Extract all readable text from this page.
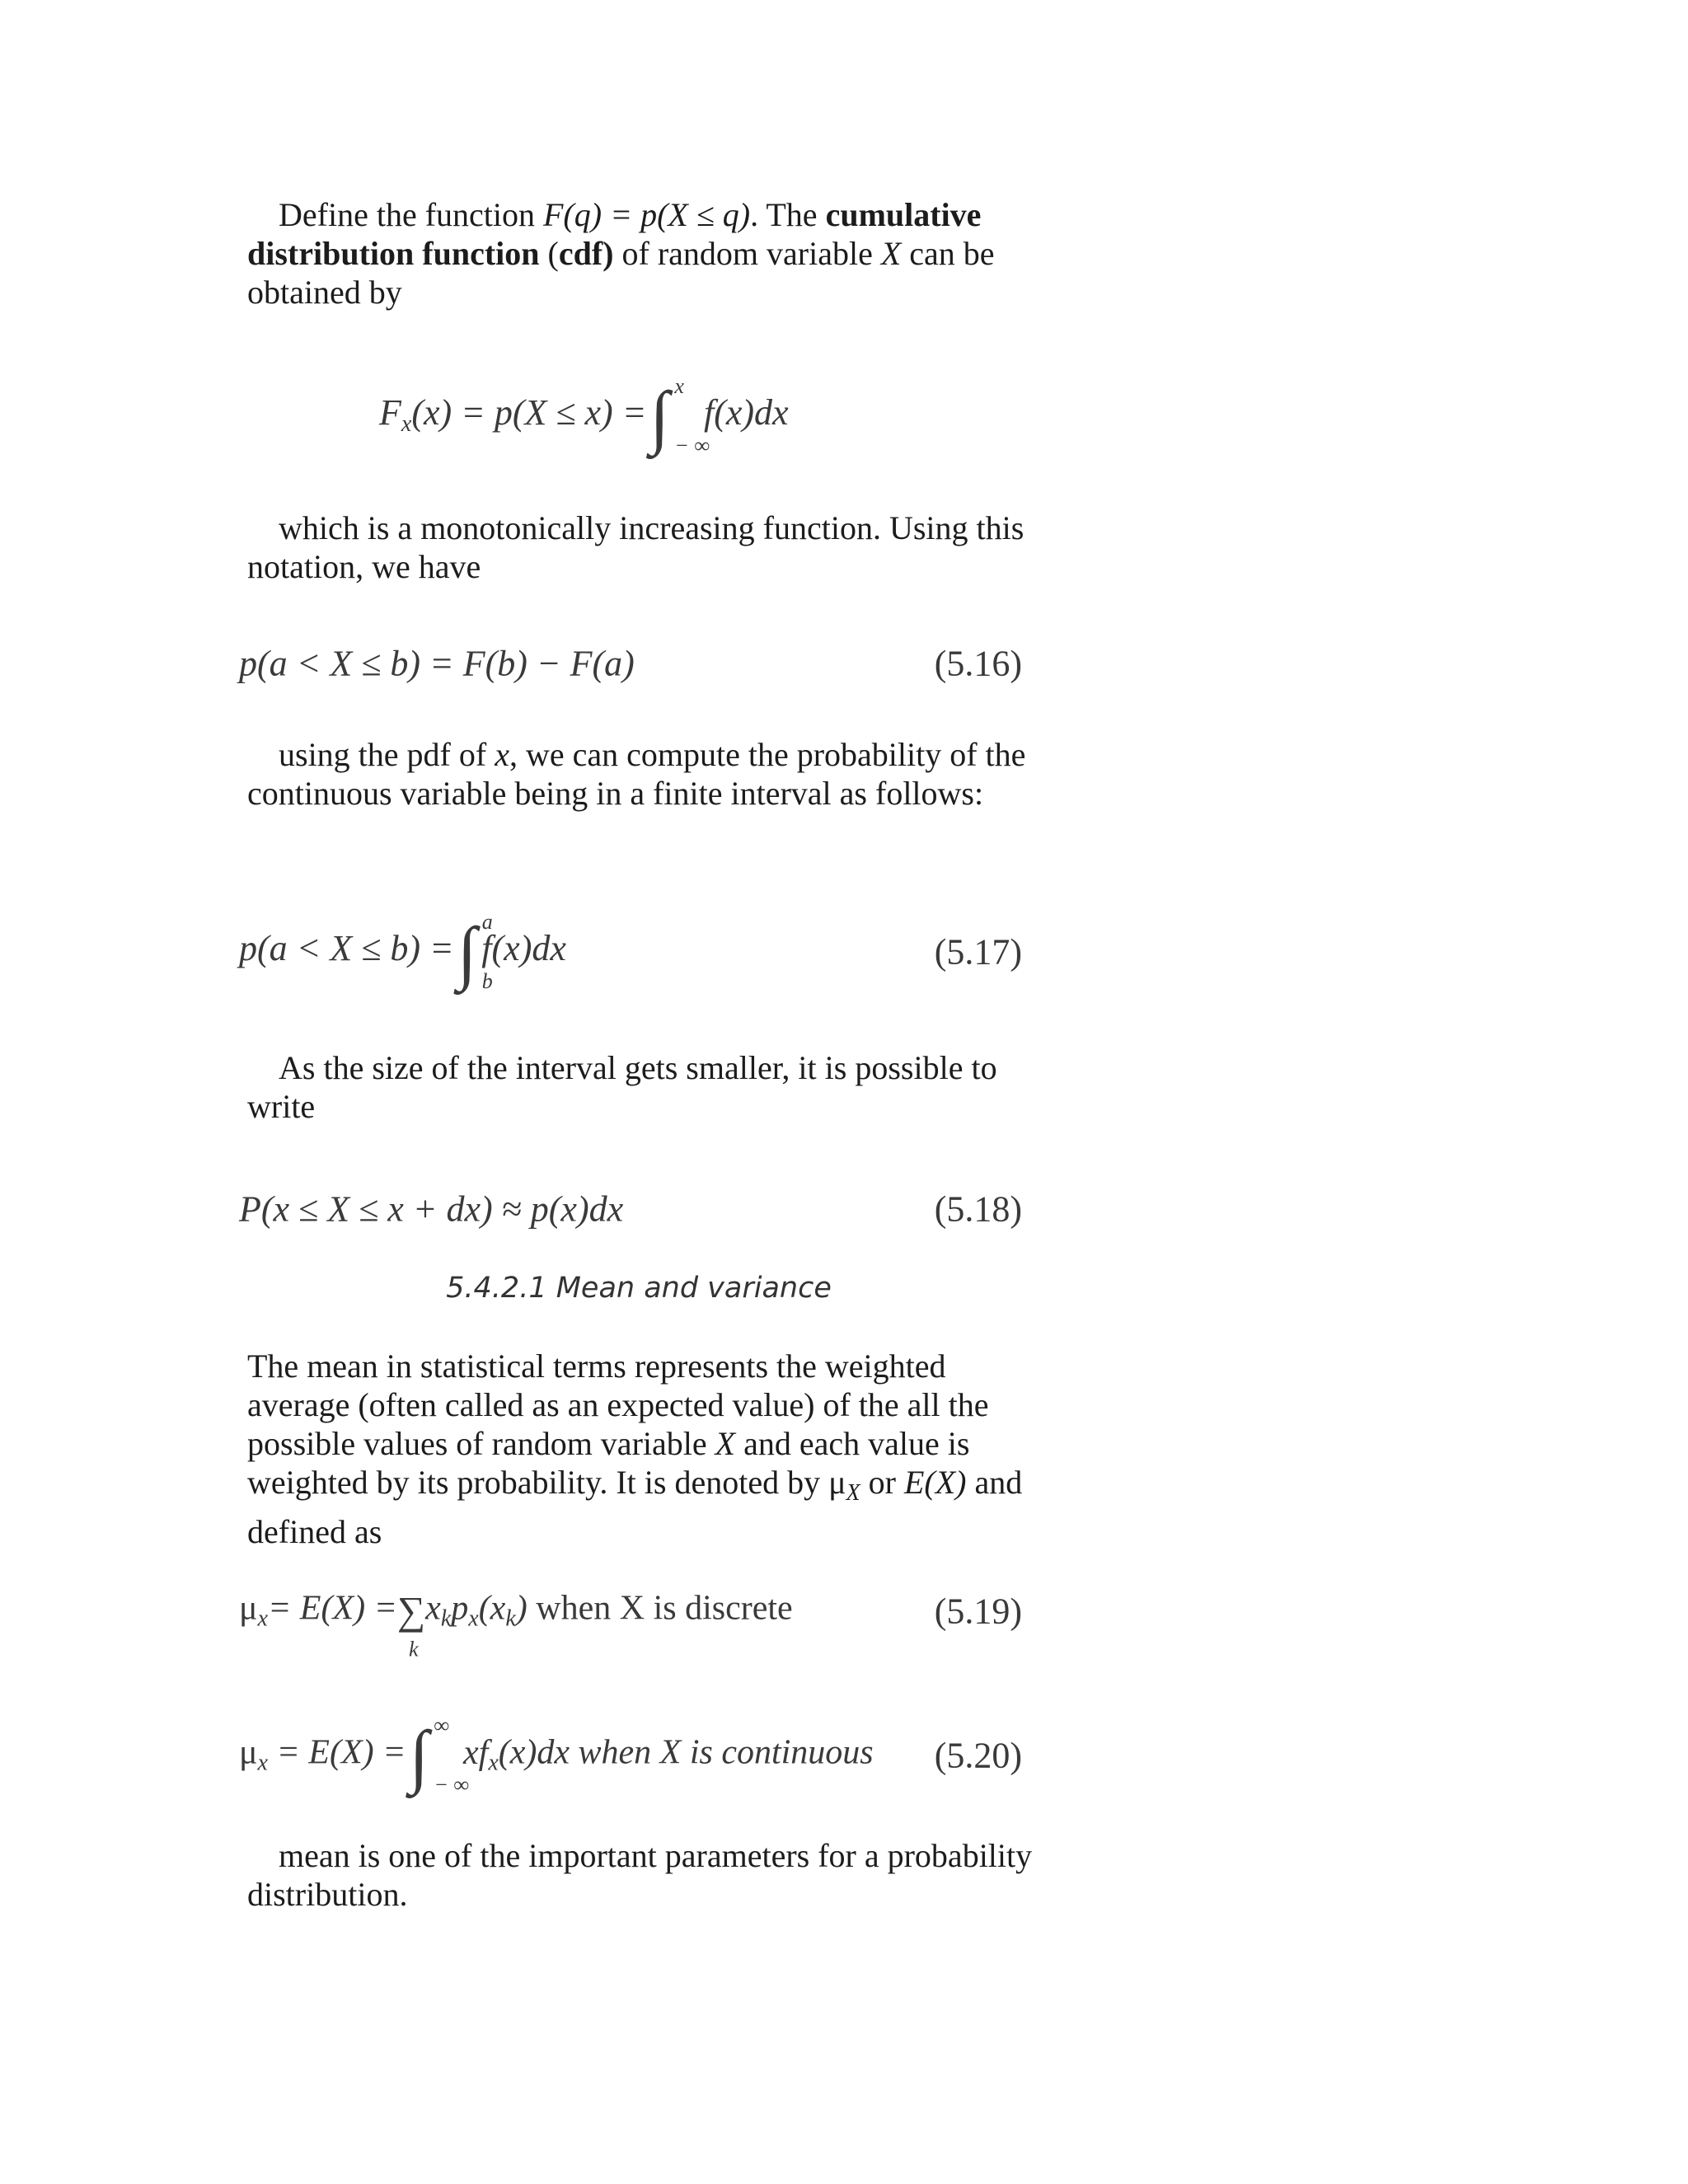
Define the function F(q) = p(X ≤ q). The cumulative distribution function (cdf) of random variable X can be obtained by

$F_x(x) = p(X \le x)$ =∫ x
− ∞
f(x)dx

which is a monotonically increasing function. Using this notation, we have

p(a < X ≤ b) = F(b) − F(a)	(5.16)

using the pdf of x, we can compute the probability of the continuous variable being in a finite interval as follows:

p(a < X ≤ b) =∫ a
b
f(x)dx	(5.17)

As the size of the interval gets smaller, it is possible to write

P(x ≤ X ≤ x + dx) ≈ p(x)dx	(5.18)
5.4.2.1 Mean and variance

The mean in statistical terms represents the weighted average (often called as an expected value) of the all the possible values of random variable X and each value is weighted by its probability. It is denoted by $\mu_X$ or E(X) and defined as

$\mu_x= E(X)$ =∑
k
$x_kp_x(x_k)$ when X is discrete	(5.19)
$\mu_x = E(X)$ =∫ ∞
− ∞
$xf_x(x)dx$ when X is continuous (5.20)

mean is one of the important parameters for a probability distribution.
